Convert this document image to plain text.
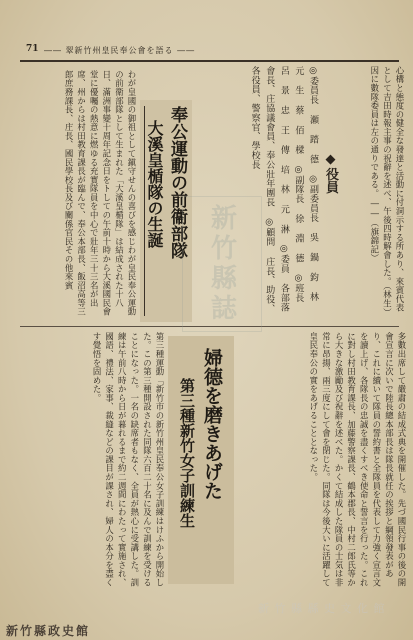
71 ―― 翠新竹州皇民奉公會を語る ――
心構と態度の健全な發達と活動に付洞示する所あり、來賓代表として吉田時報主事の祝辭を述べ、午後四時解會した。（林生）因に數隊委員は左の通りである。――（旗錦記）
◆役員
◎委員長 瀬 踏 德 ◎副委員長 吳 鍋 鈞 林 元 生 蔡 佰 樑 ◎副隊長 徐 淵 德 ◎班長 呂 景 忠 王 傳 培 林 元 淋 ◎委員 各部落會長、庄協議會員、奉公壯年團長 ◎顧問 庄長、助役、各役員、警察官、學校長
奉公運動の前衞部隊
大溪皇楯隊の生誕
わが皇國の御祖として鎭守せんの喜びを感じわが皇民奉公運動の前衛部隊として生まれた「大溪皇楯隊」は結成された十八日、滿洲事變十周年記念日をトしての午前十時から大溪國民會堂に優囑の熱意に燃ゆる充實隊員を中心で壯年三十三名が出席、州からは村田教育課長が臨んで、奉公本部長、飯沼高等三郎庶務課長、庄長、國民學校長及び關係官民その他來賓
多數出席して嚴肅の結成式典を開催した。先づ國民行事の後の開會宣言に次いで陸長總本部長は隊長就任の挨拶と綱領發表があり、これに續いて隊員の誓約書と全隊員を代表して力強く宣言文を讀上げ、各隊長の忠誠を盡くすべき使命と誓言を行った。これに對し村田教育課長、加藤警察課長、鶴本郡長、中村二郎氏等から大きな激勵及び祝辭を述べた。かくて結成した隊員の士気は非常に昂揚、兩三度にして會を閉じた。同隊は今後大いに活躍して皇民奉公の實をあげることとなった。
婦德を磨きあげた
第三種新竹女子訓練生
第三種運動「新竹市の新竹州皇民奉公女子訓練はけふから開始した。この第三種開設された同隊六百二十名に及んで訓練を受けることになった。一名の缺席者もなく、全員が熱心に受講した。訓練は午前八時から日が暮れるまで約二週間にわたって實施され、國語、禮法、家事、裁縫などの課目が課され、婦人の本分を盡くす覺悟を固めた。
新竹縣誌
新竹縣政史館
新 竹 縣 縣 史 文 化 館
